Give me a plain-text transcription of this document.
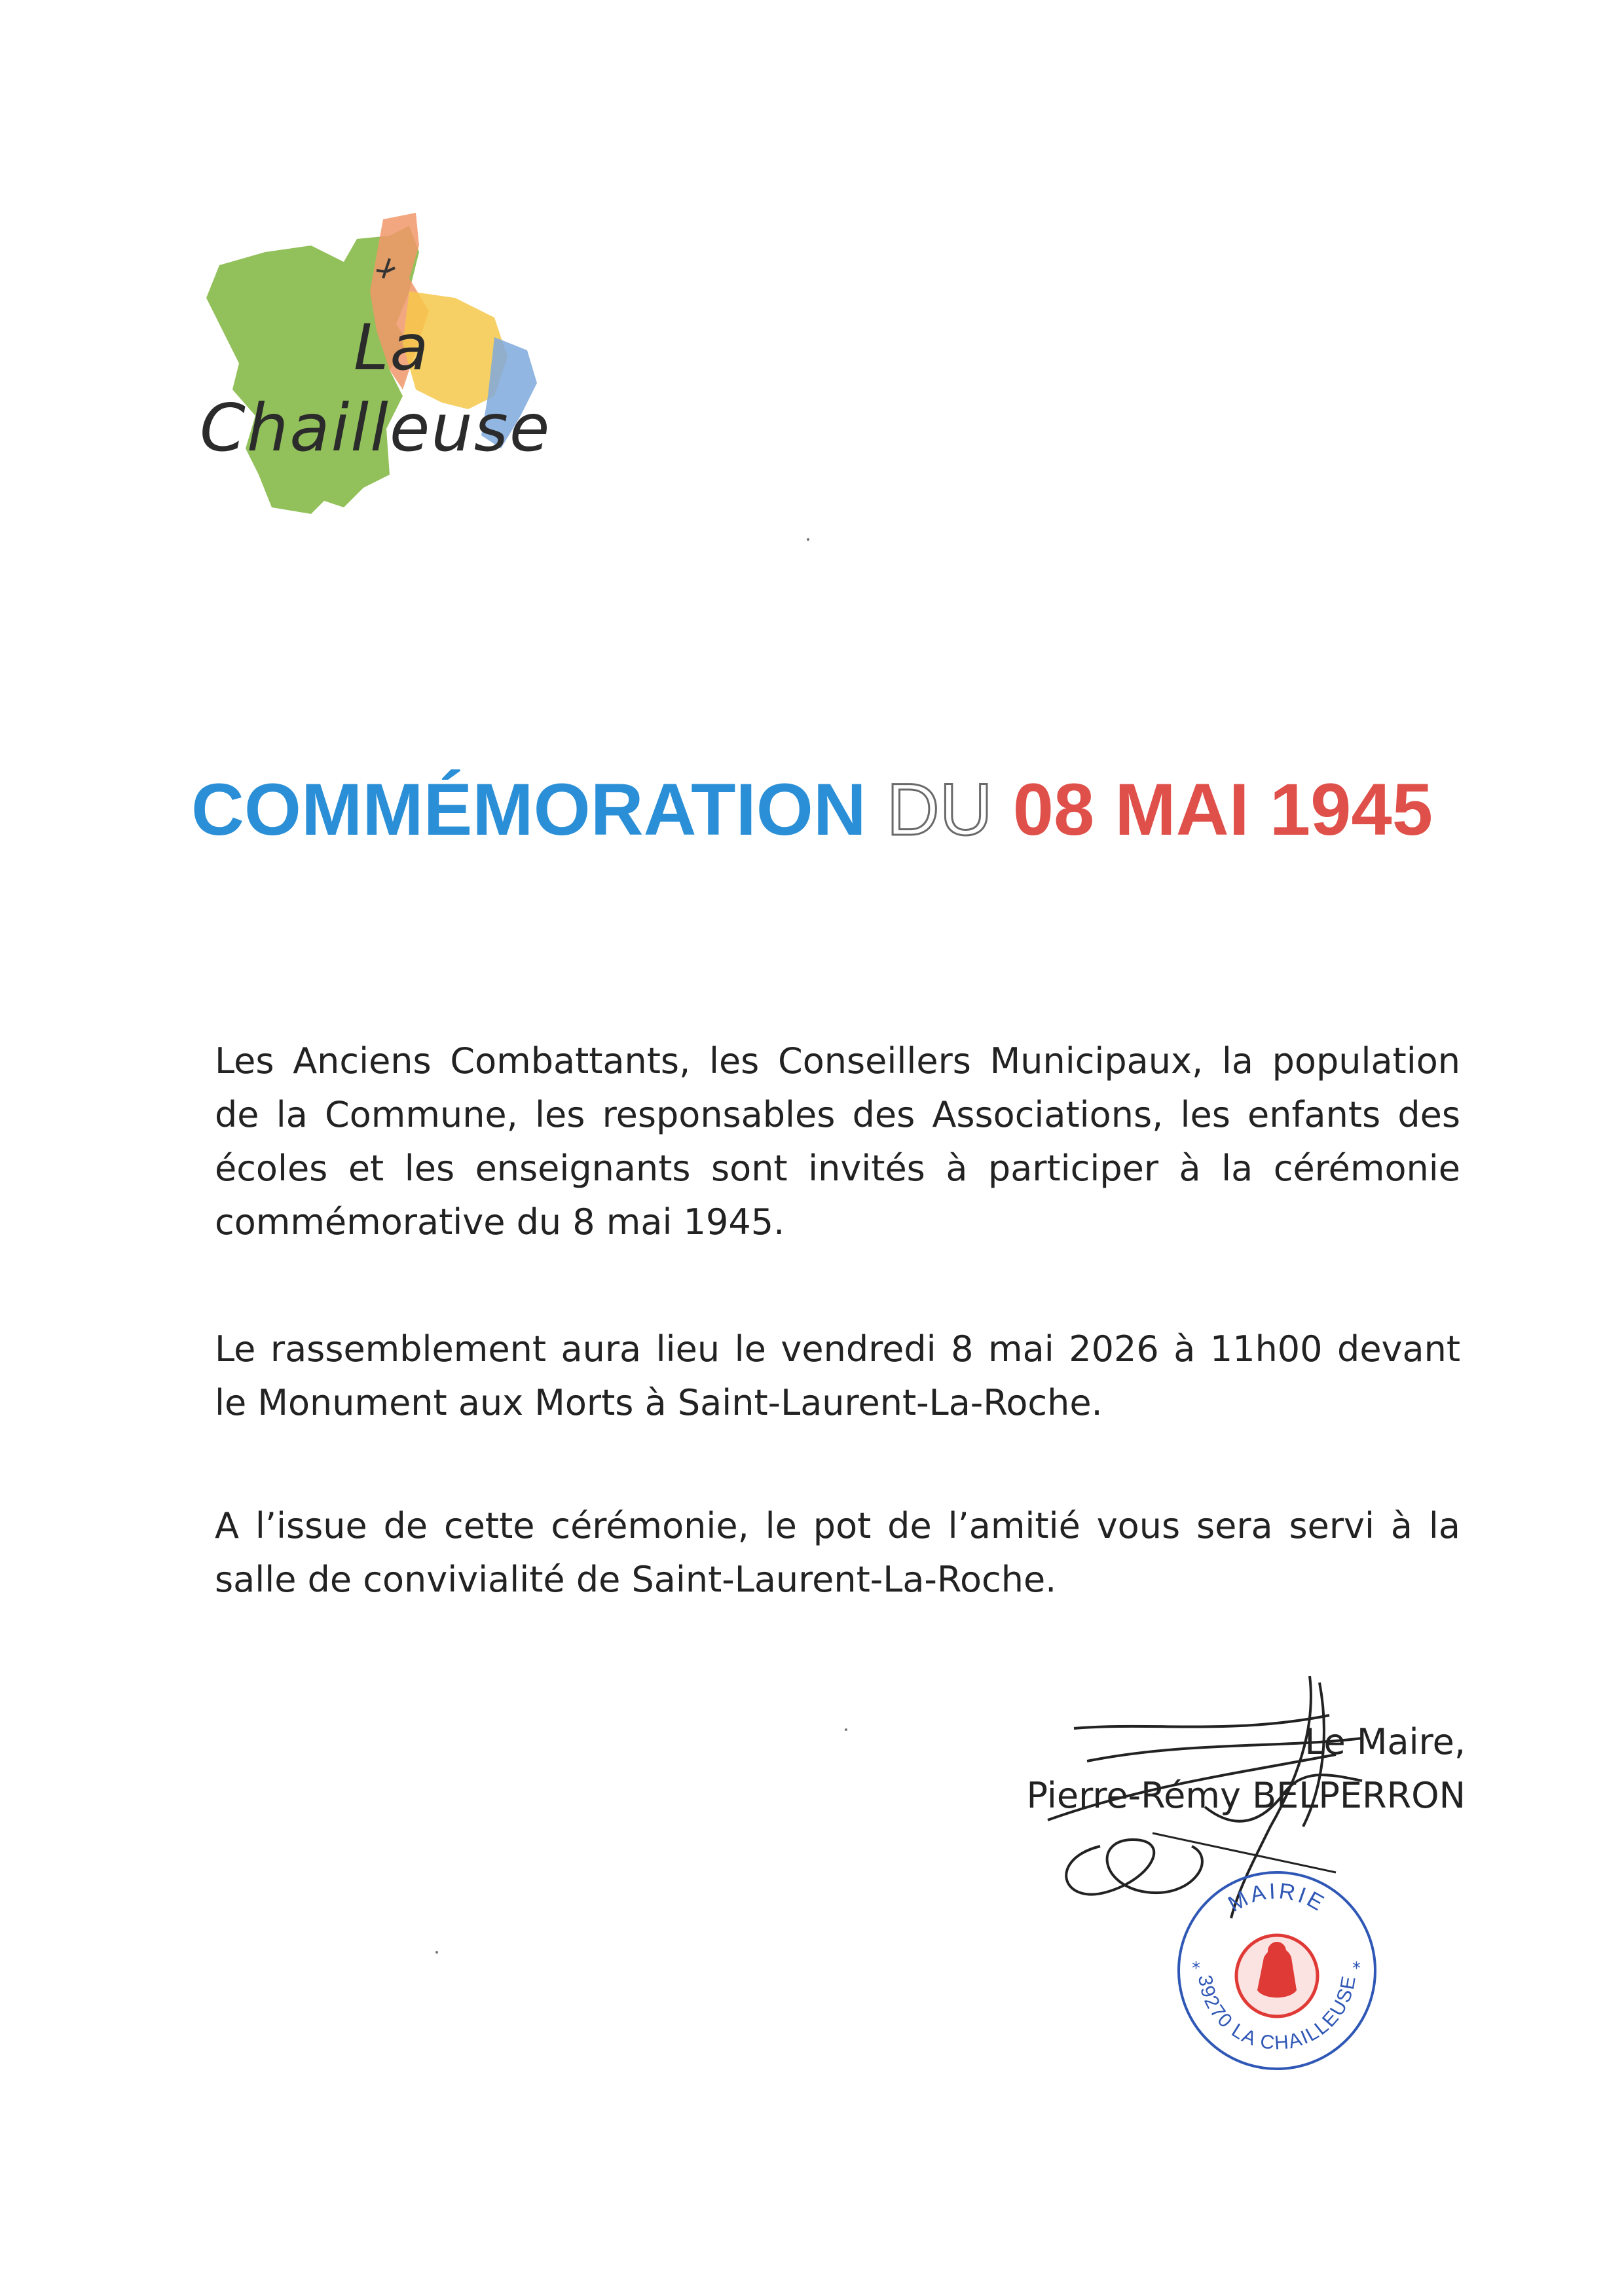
La
Chailleuse
COMMÉMORATION DU 08 MAI 1945

Les Anciens Combattants, les Conseillers Municipaux, la population de la Commune, les responsables des Associations, les enfants des écoles et les enseignants sont invités à participer à la cérémonie commémorative du 8 mai 1945.

Le rassemblement aura lieu le vendredi 8 mai 2026 à 11h00 devant le Monument aux Morts à Saint-Laurent-La-Roche.

A l’issue de cette cérémonie, le pot de l’amitié vous sera servi à la salle de convivialité de Saint-Laurent-La-Roche.

Le Maire,
Pierre-Rémy BELPERRON
MAIRIE
39270 LA CHAILLEUSE
*	*
